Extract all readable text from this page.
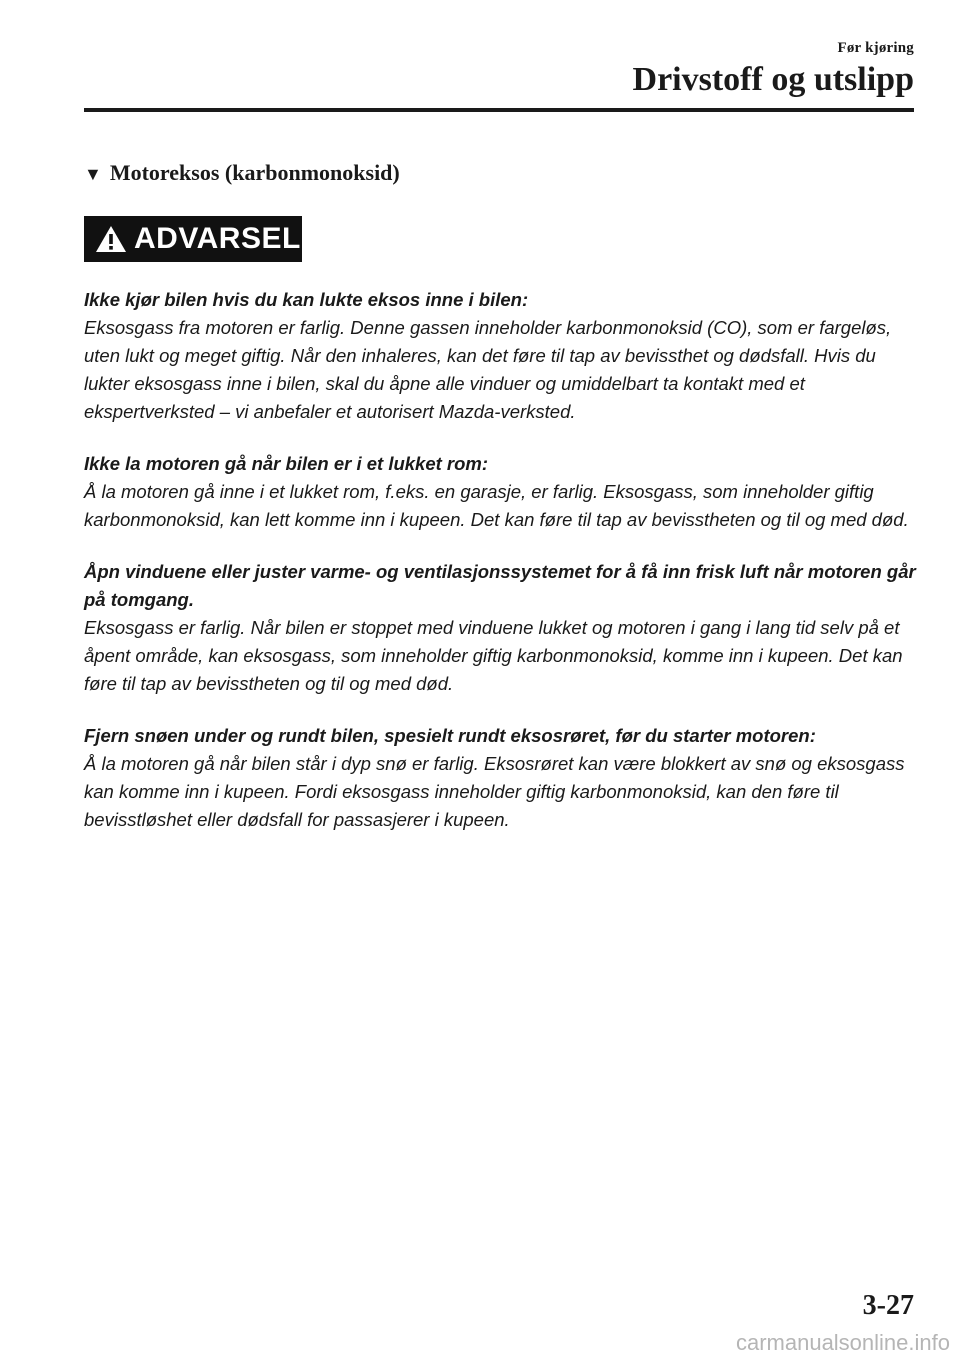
Før kjøring
Drivstoff og utslipp
▼ Motoreksos (karbonmonoksid)
ADVARSEL
Ikke kjør bilen hvis du kan lukte eksos inne i bilen:
Eksosgass fra motoren er farlig. Denne gassen inneholder karbonmonoksid (CO), som er fargeløs, uten lukt og meget giftig. Når den inhaleres, kan det føre til tap av bevissthet og dødsfall. Hvis du lukter eksosgass inne i bilen, skal du åpne alle vinduer og umiddelbart ta kontakt med et ekspertverksted – vi anbefaler et autorisert Mazda-verksted.
Ikke la motoren gå når bilen er i et lukket rom:
Å la motoren gå inne i et lukket rom, f.eks. en garasje, er farlig. Eksosgass, som inneholder giftig karbonmonoksid, kan lett komme inn i kupeen. Det kan føre til tap av bevisstheten og til og med død.
Åpn vinduene eller juster varme- og ventilasjonssystemet for å få inn frisk luft når motoren går på tomgang.
Eksosgass er farlig. Når bilen er stoppet med vinduene lukket og motoren i gang i lang tid selv på et åpent område, kan eksosgass, som inneholder giftig karbonmonoksid, komme inn i kupeen. Det kan føre til tap av bevisstheten og til og med død.
Fjern snøen under og rundt bilen, spesielt rundt eksosrøret, før du starter motoren:
Å la motoren gå når bilen står i dyp snø er farlig. Eksosrøret kan være blokkert av snø og eksosgass kan komme inn i kupeen. Fordi eksosgass inneholder giftig karbonmonoksid, kan den føre til bevisstløshet eller dødsfall for passasjerer i kupeen.
3-27
carmanualsonline.info
